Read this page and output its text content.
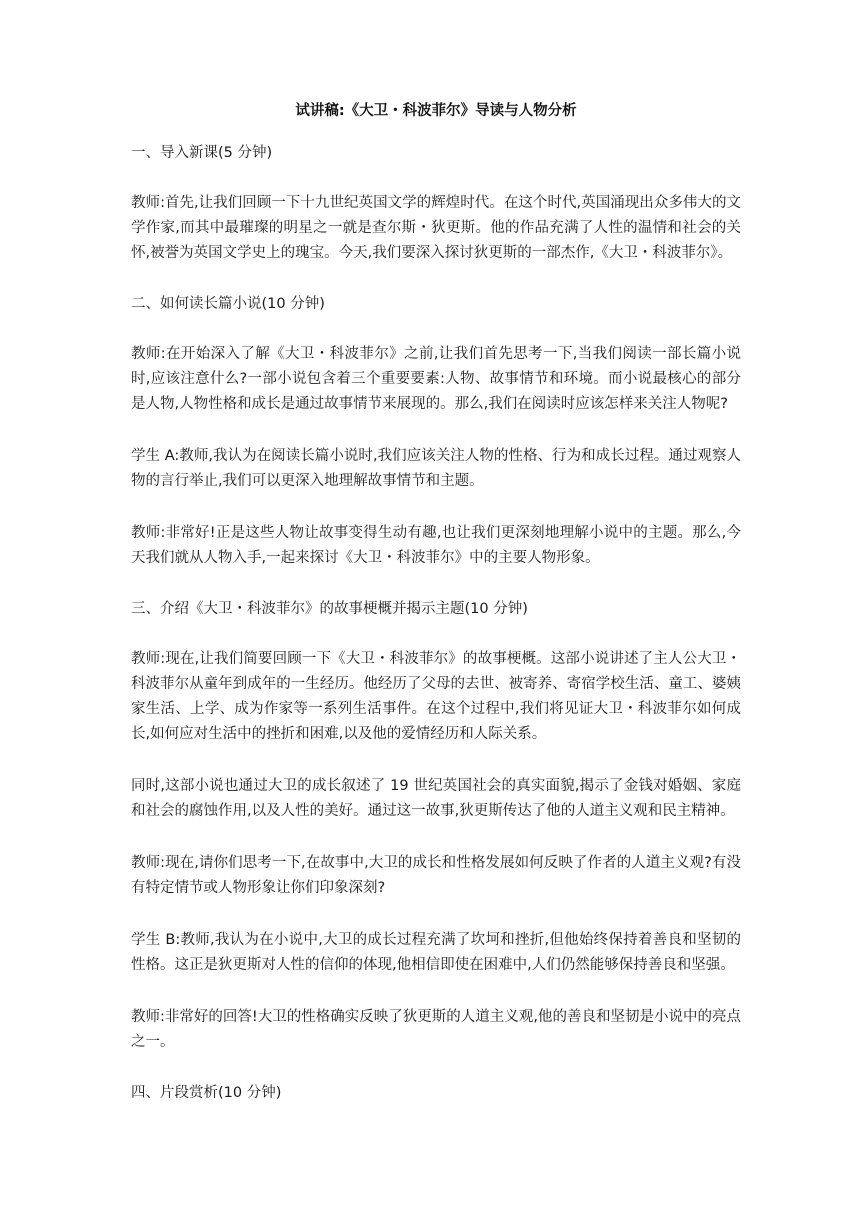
试讲稿:《大卫・科波菲尔》导读与人物分析
一、导入新课(5 分钟)
教师:首先,让我们回顾一下十九世纪英国文学的辉煌时代。在这个时代,英国涌现出众多伟大的文学作家,而其中最璀璨的明星之一就是查尔斯・狄更斯。他的作品充满了人性的温情和社会的关怀,被誉为英国文学史上的瑰宝。今天,我们要深入探讨狄更斯的一部杰作,《大卫・科波菲尔》。
二、如何读长篇小说(10 分钟)
教师:在开始深入了解《大卫・科波菲尔》之前,让我们首先思考一下,当我们阅读一部长篇小说时,应该注意什么?一部小说包含着三个重要要素:人物、故事情节和环境。而小说最核心的部分是人物,人物性格和成长是通过故事情节来展现的。那么,我们在阅读时应该怎样来关注人物呢?
学生 A:教师,我认为在阅读长篇小说时,我们应该关注人物的性格、行为和成长过程。通过观察人物的言行举止,我们可以更深入地理解故事情节和主题。
教师:非常好!正是这些人物让故事变得生动有趣,也让我们更深刻地理解小说中的主题。那么,今天我们就从人物入手,一起来探讨《大卫・科波菲尔》中的主要人物形象。
三、介绍《大卫・科波菲尔》的故事梗概并揭示主题(10 分钟)
教师:现在,让我们简要回顾一下《大卫・科波菲尔》的故事梗概。这部小说讲述了主人公大卫・科波菲尔从童年到成年的一生经历。他经历了父母的去世、被寄养、寄宿学校生活、童工、婆姨家生活、上学、成为作家等一系列生活事件。在这个过程中,我们将见证大卫・科波菲尔如何成长,如何应对生活中的挫折和困难,以及他的爱情经历和人际关系。
同时,这部小说也通过大卫的成长叙述了 19 世纪英国社会的真实面貌,揭示了金钱对婚姻、家庭和社会的腐蚀作用,以及人性的美好。通过这一故事,狄更斯传达了他的人道主义观和民主精神。
教师:现在,请你们思考一下,在故事中,大卫的成长和性格发展如何反映了作者的人道主义观?有没有特定情节或人物形象让你们印象深刻?
学生 B:教师,我认为在小说中,大卫的成长过程充满了坎坷和挫折,但他始终保持着善良和坚韧的性格。这正是狄更斯对人性的信仰的体现,他相信即使在困难中,人们仍然能够保持善良和坚强。
教师:非常好的回答!大卫的性格确实反映了狄更斯的人道主义观,他的善良和坚韧是小说中的亮点之一。
四、片段赏析(10 分钟)
